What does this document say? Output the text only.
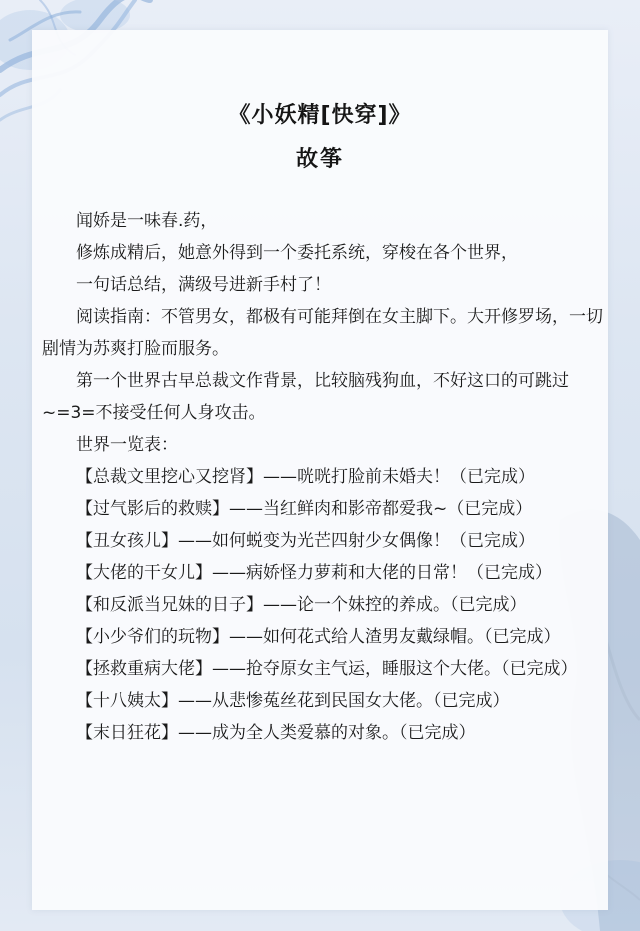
《小妖精[快穿]》
故筝

闻娇是一味春.药，

修炼成精后，她意外得到一个委托系统，穿梭在各个世界，

一句话总结，满级号进新手村了！

阅读指南：不管男女，都极有可能拜倒在女主脚下。大开修罗场，一切剧情为苏爽打脸而服务。

第一个世界古早总裁文作背景，比较脑残狗血，不好这口的可跳过~=3=不接受任何人身攻击。

世界一览表：

【总裁文里挖心又挖肾】——咣咣打脸前未婚夫！（已完成）

【过气影后的救赎】——当红鲜肉和影帝都爱我~（已完成）

【丑女孩儿】——如何蜕变为光芒四射少女偶像！（已完成）

【大佬的干女儿】——病娇怪力萝莉和大佬的日常！（已完成）

【和反派当兄妹的日子】——论一个妹控的养成。（已完成）

【小少爷们的玩物】——如何花式给人渣男友戴绿帽。（已完成）

【拯救重病大佬】——抢夺原女主气运，睡服这个大佬。（已完成）

【十八姨太】——从悲惨菟丝花到民国女大佬。（已完成）

【末日狂花】——成为全人类爱慕的对象。（已完成）
